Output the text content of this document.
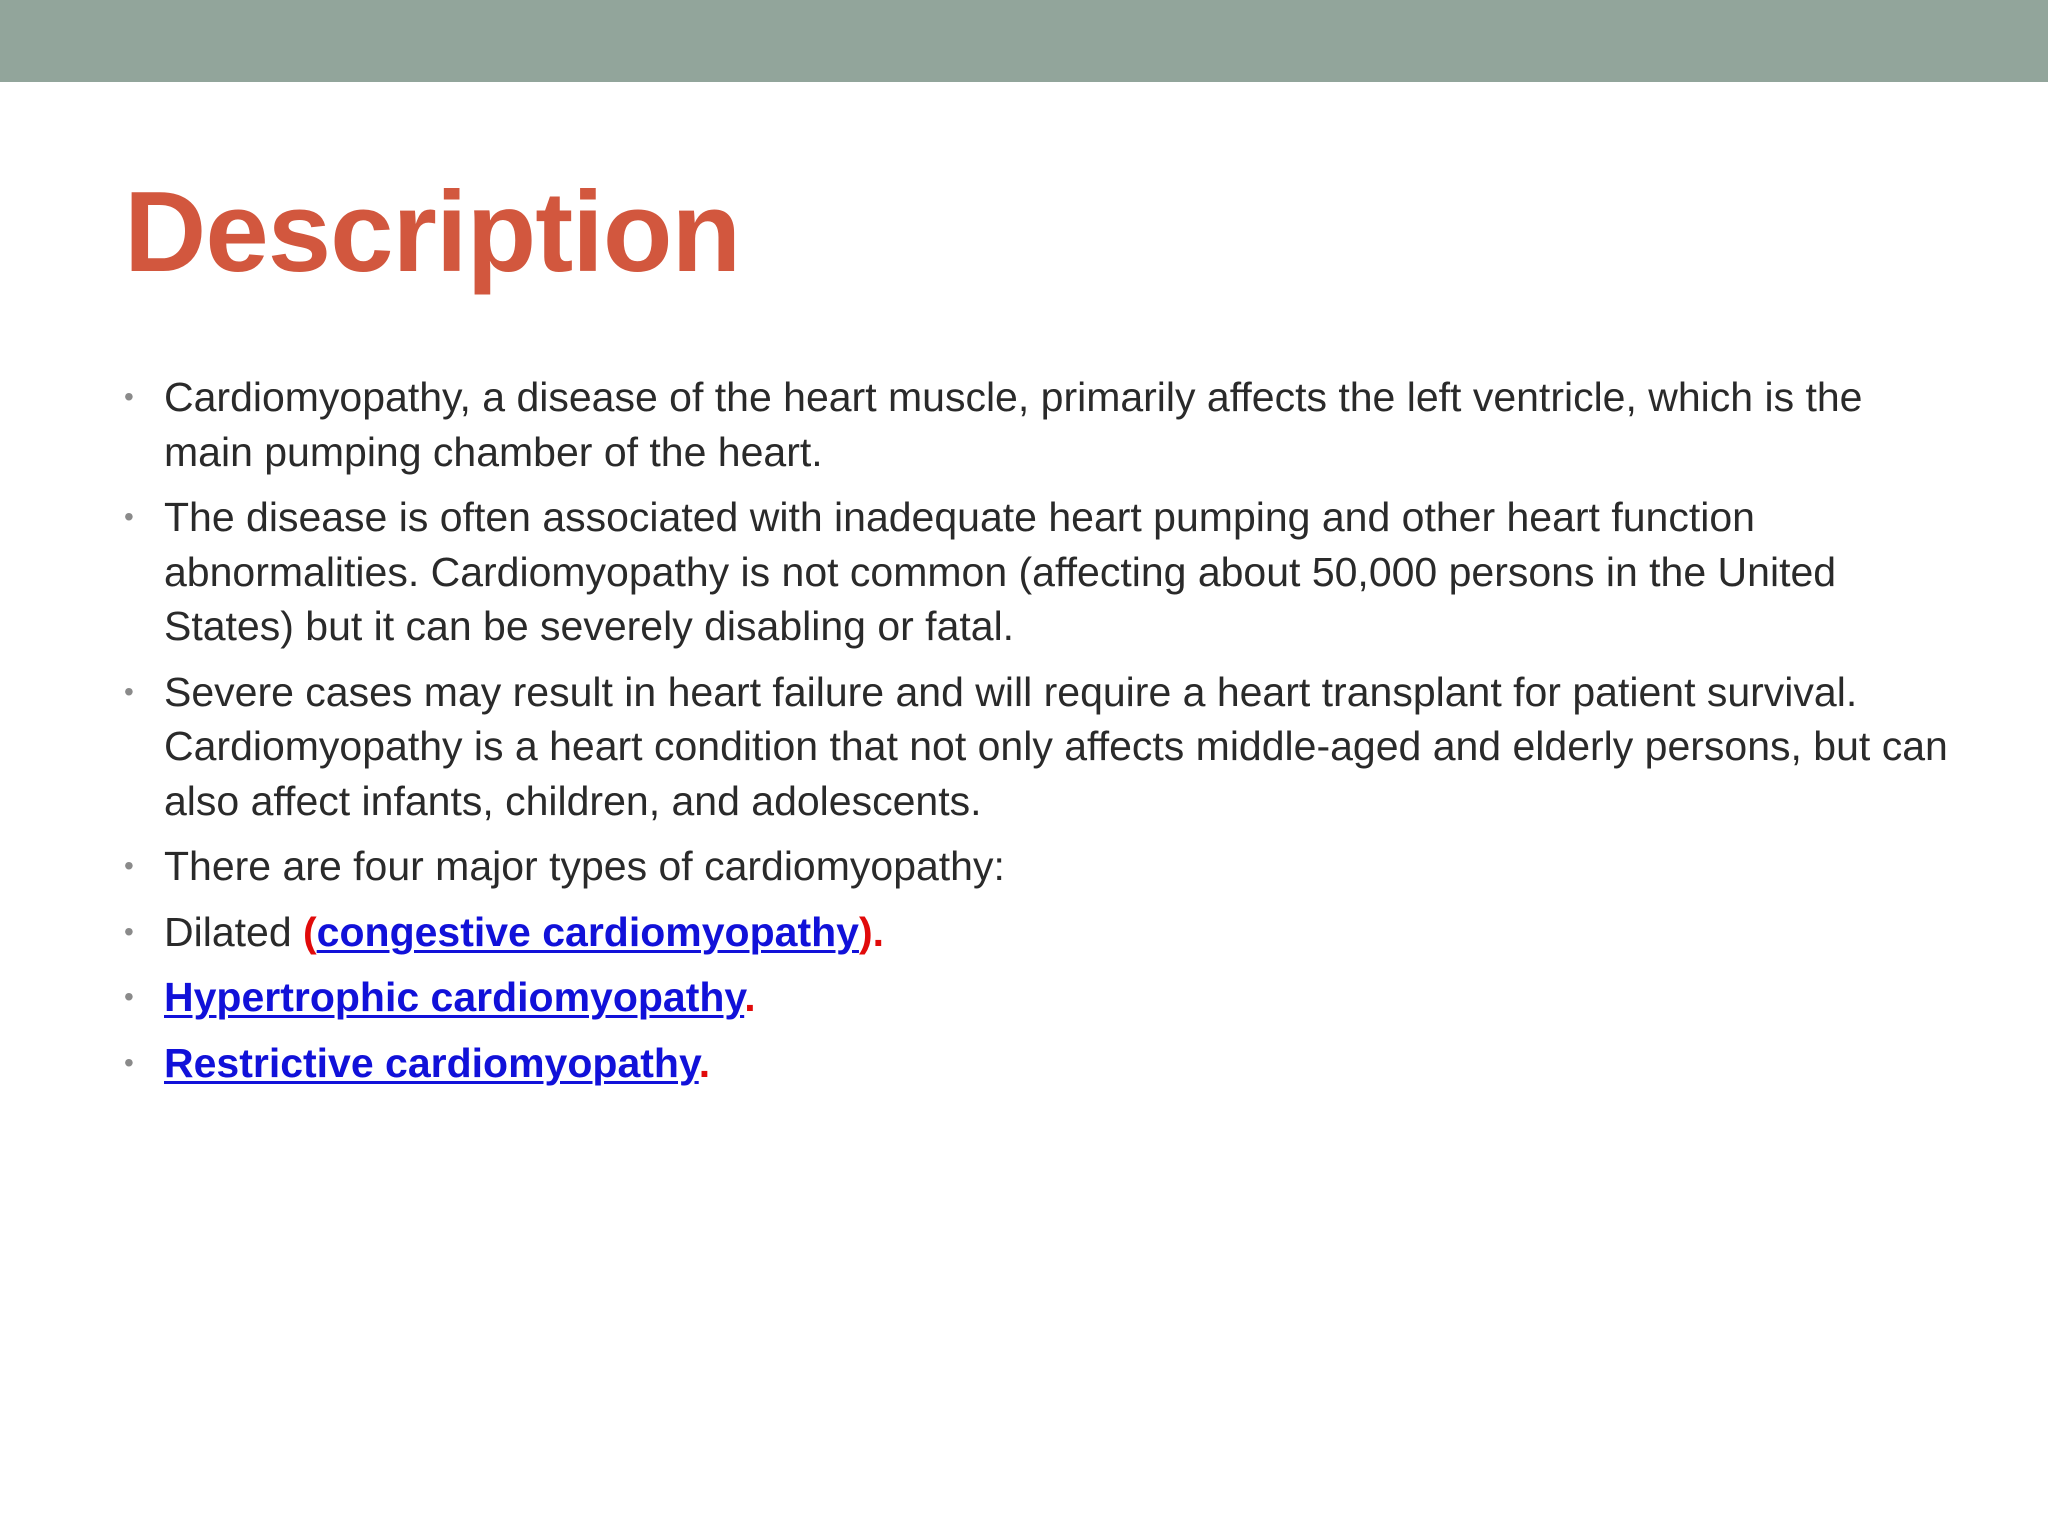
Description
• Cardiomyopathy, a disease of the heart muscle, primarily affects the left ventricle, which is the main pumping chamber of the heart.
• The disease is often associated with inadequate heart pumping and other heart function abnormalities. Cardiomyopathy is not common (affecting about 50,000 persons in the United States) but it can be severely disabling or fatal.
• Severe cases may result in heart failure and will require a heart transplant for patient survival. Cardiomyopathy is a heart condition that not only affects middle-aged and elderly persons, but can also affect infants, children, and adolescents.
• There are four major types of cardiomyopathy:
• Dilated (congestive cardiomyopathy).
• Hypertrophic cardiomyopathy.
• Restrictive cardiomyopathy.
